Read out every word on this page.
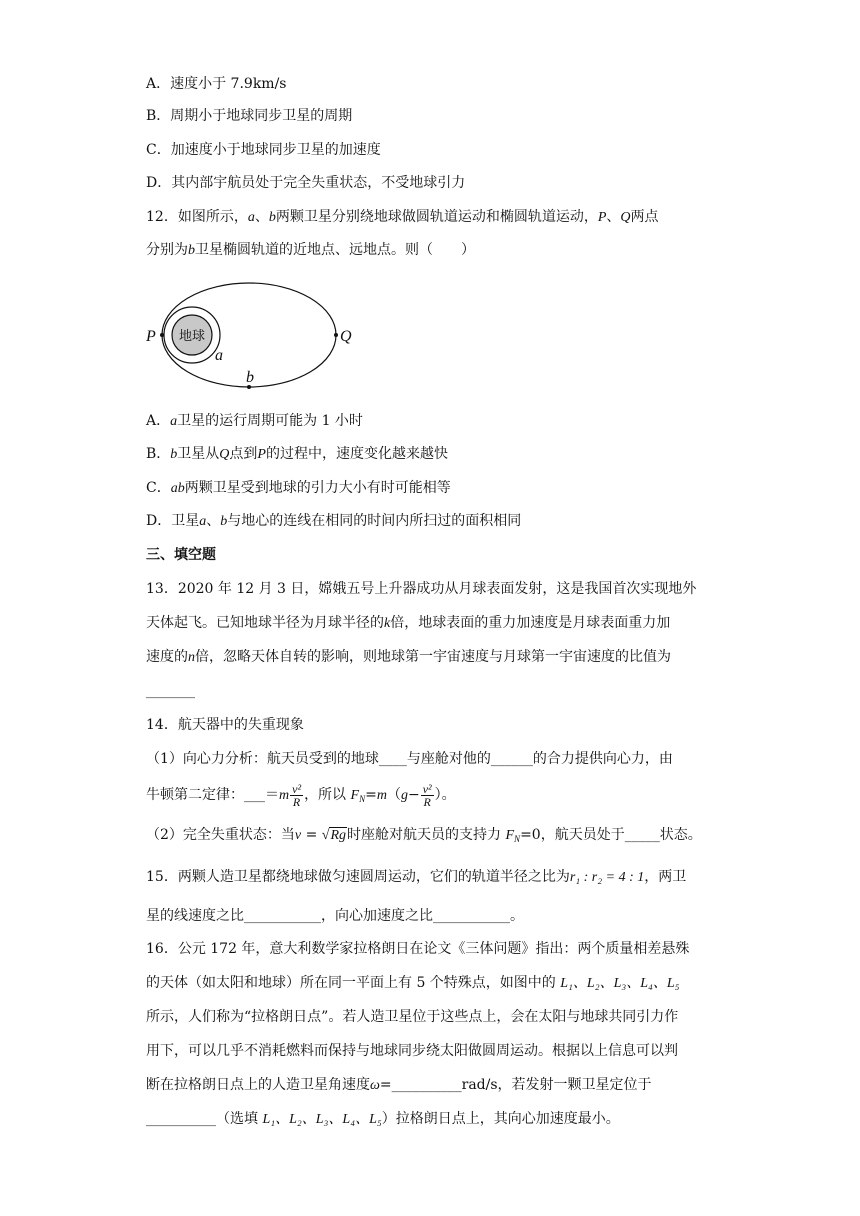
A．速度小于 7.9km/s
B．周期小于地球同步卫星的周期
C．加速度小于地球同步卫星的加速度
D．其内部宇航员处于完全失重状态，不受地球引力
12．如图所示，a、b两颗卫星分别绕地球做圆轨道运动和椭圆轨道运动，P、Q两点
分别为b卫星椭圆轨道的近地点、远地点。则（　　）
地球
P	Q
a
b
A．a卫星的运行周期可能为 1 小时
B．b卫星从Q点到P的过程中，速度变化越来越快
C．ab两颗卫星受到地球的引力大小有时可能相等
D．卫星a、b与地心的连线在相同的时间内所扫过的面积相同
三、填空题
13．2020 年 12 月 3 日，嫦娥五号上升器成功从月球表面发射，这是我国首次实现地外
天体起飞。已知地球半径为月球半径的k倍，地球表面的重力加速度是月球表面重力加
速度的n倍，忽略天体自转的影响，则地球第一宇宙速度与月球第一宇宙速度的比值为
_______
14．航天器中的失重现象
（1）向心力分析：航天员受到的地球____与座舱对他的______的合力提供向心力，由
牛顿第二定律：___＝m $\frac{\text{v²}}{R}$ ，所以 $F_N=m(g- \frac{\text{v²}}{R}$ ）。
（2）完全失重状态：当v = √Rg时座舱对航天员的支持力 $F_N=0$，航天员处于_____状态。
15．两颗人造卫星都绕地球做匀速圆周运动，它们的轨道半径之比为r₁ : r₂ = 4 : 1，两卫
星的线速度之比___________，向心加速度之比___________。
16．公元 172 年，意大利数学家拉格朗日在论文《三体问题》指出：两个质量相差悬殊
的天体（如太阳和地球）所在同一平面上有 5 个特殊点，如图中的 L₁、L₂、L₃、L₄、L₅
所示，人们称为“拉格朗日点”。若人造卫星位于这些点上，会在太阳与地球共同引力作
用下，可以几乎不消耗燃料而保持与地球同步绕太阳做圆周运动。根据以上信息可以判
断在拉格朗日点上的人造卫星角速度ω=__________rad/s，若发射一颗卫星定位于
__________（选填 L₁、L₂、L₃、L₄、L₅）拉格朗日点上，其向心加速度最小。
